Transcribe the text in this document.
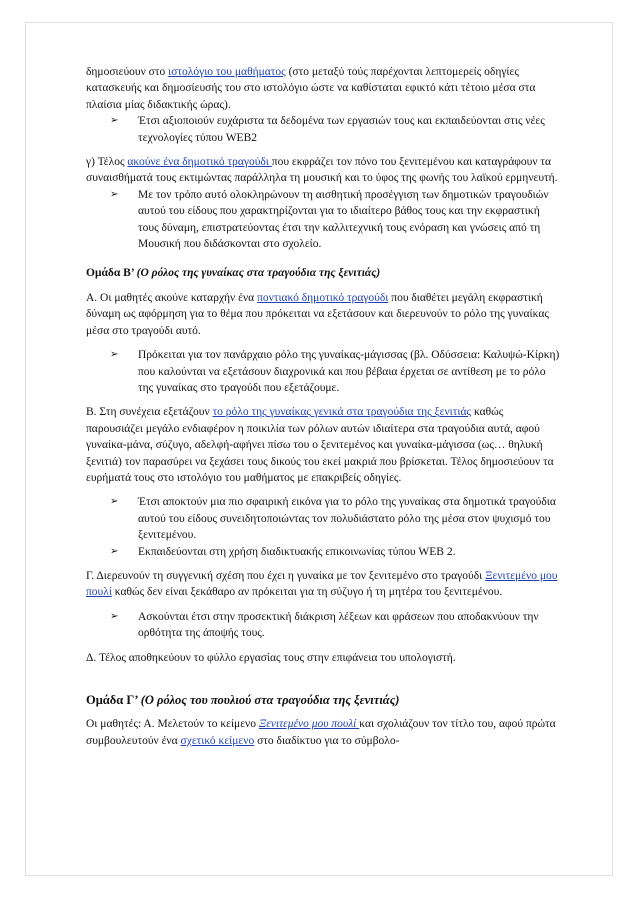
δημοσιεύουν στο ιστολόγιο του μαθήματος (στο μεταξύ τούς παρέχονται λεπτομερείς οδηγίες κατασκευής και δημοσίευσής του στο ιστολόγιο ώστε να καθίσταται εφικτό κάτι τέτοιο μέσα στα πλαίσια μίας διδακτικής ώρας).

➢ Έτσι αξιοποιούν ευχάριστα τα δεδομένα των εργασιών τους και εκπαιδεύονται στις νέες τεχνολογίες τύπου WEB2

γ) Τέλος ακούνε ένα δημοτικό τραγούδι που εκφράζει τον πόνο του ξενιτεμένου και καταγράφουν τα συναισθήματά τους εκτιμώντας παράλληλα τη μουσική και το ύφος της φωνής του λαϊκού ερμηνευτή.

➢ Με τον τρόπο αυτό ολοκληρώνουν τη αισθητική προσέγγιση των δημοτικών τραγουδιών αυτού του είδους που χαρακτηρίζονται για το ιδιαίτερο βάθος τους και την εκφραστική τους δύναμη, επιστρατεύοντας έτσι την καλλιτεχνική τους ενόραση και γνώσεις από τη Μουσική που διδάσκονται στο σχολείο.

Ομάδα Β’ (Ο ρόλος της γυναίκας στα τραγούδια της ξενιτιάς)

Α. Οι μαθητές ακούνε καταρχήν ένα ποντιακό δημοτικό τραγούδι που διαθέτει μεγάλη εκφραστική δύναμη ως αφόρμηση για το θέμα που πρόκειται να εξετάσουν και διερευνούν το ρόλο της γυναίκας μέσα στο τραγούδι αυτό.

➢ Πρόκειται για τον πανάρχαιο ρόλο της γυναίκας-μάγισσας (βλ. Οδύσσεια: Καλυψώ-Κίρκη) που καλούνται να εξετάσουν διαχρονικά και που βέβαια έρχεται σε αντίθεση με το ρόλο της γυναίκας στο τραγούδι που εξετάζουμε.

Β. Στη συνέχεια εξετάζουν το ρόλο της γυναίκας γενικά στα τραγούδια της ξενιτιάς καθώς παρουσιάζει μεγάλο ενδιαφέρον η ποικιλία των ρόλων αυτών ιδιαίτερα στα τραγούδια αυτά, αφού γυναίκα-μάνα, σύζυγο, αδελφή-αφήνει πίσω του ο ξενιτεμένος και γυναίκα-μάγισσα (ως… θηλυκή ξενιτιά) τον παρασύρει να ξεχάσει τους δικούς του εκεί μακριά που βρίσκεται. Τέλος δημοσιεύουν τα ευρήματά τους στο ιστολόγιο του μαθήματος με επακριβείς οδηγίες.

➢ Έτσι αποκτούν μια πιο σφαιρική εικόνα για το ρόλο της γυναίκας στα δημοτικά τραγούδια αυτού του είδους συνειδητοποιώντας τον πολυδιάστατο ρόλο της μέσα στον ψυχισμό του ξενιτεμένου.

➢ Εκπαιδεύονται στη χρήση διαδικτυακής επικοινωνίας τύπου WEB 2.

Γ. Διερευνούν τη συγγενική σχέση που έχει η γυναίκα με τον ξενιτεμένο στο τραγούδι Ξενιτεμένο μου πουλί καθώς δεν είναι ξεκάθαρο αν πρόκειται για τη σύζυγο ή τη μητέρα του ξενιτεμένου.

➢ Ασκούνται έτσι στην προσεκτική διάκριση λέξεων και φράσεων που αποδακνύουν την ορθότητα της άποψής τους.

Δ. Τέλος αποθηκεύουν το φύλλο εργασίας τους στην επιφάνεια του υπολογιστή.

Ομάδα Γ’ (Ο ρόλος του πουλιού στα τραγούδια της ξενιτιάς)

Οι μαθητές: Α. Μελετούν το κείμενο Ξενιτεμένο μου πουλί και σχολιάζουν τον τίτλο του, αφού πρώτα συμβουλευτούν ένα σχετικό κείμενο στο διαδίκτυο για το σύμβολο-
